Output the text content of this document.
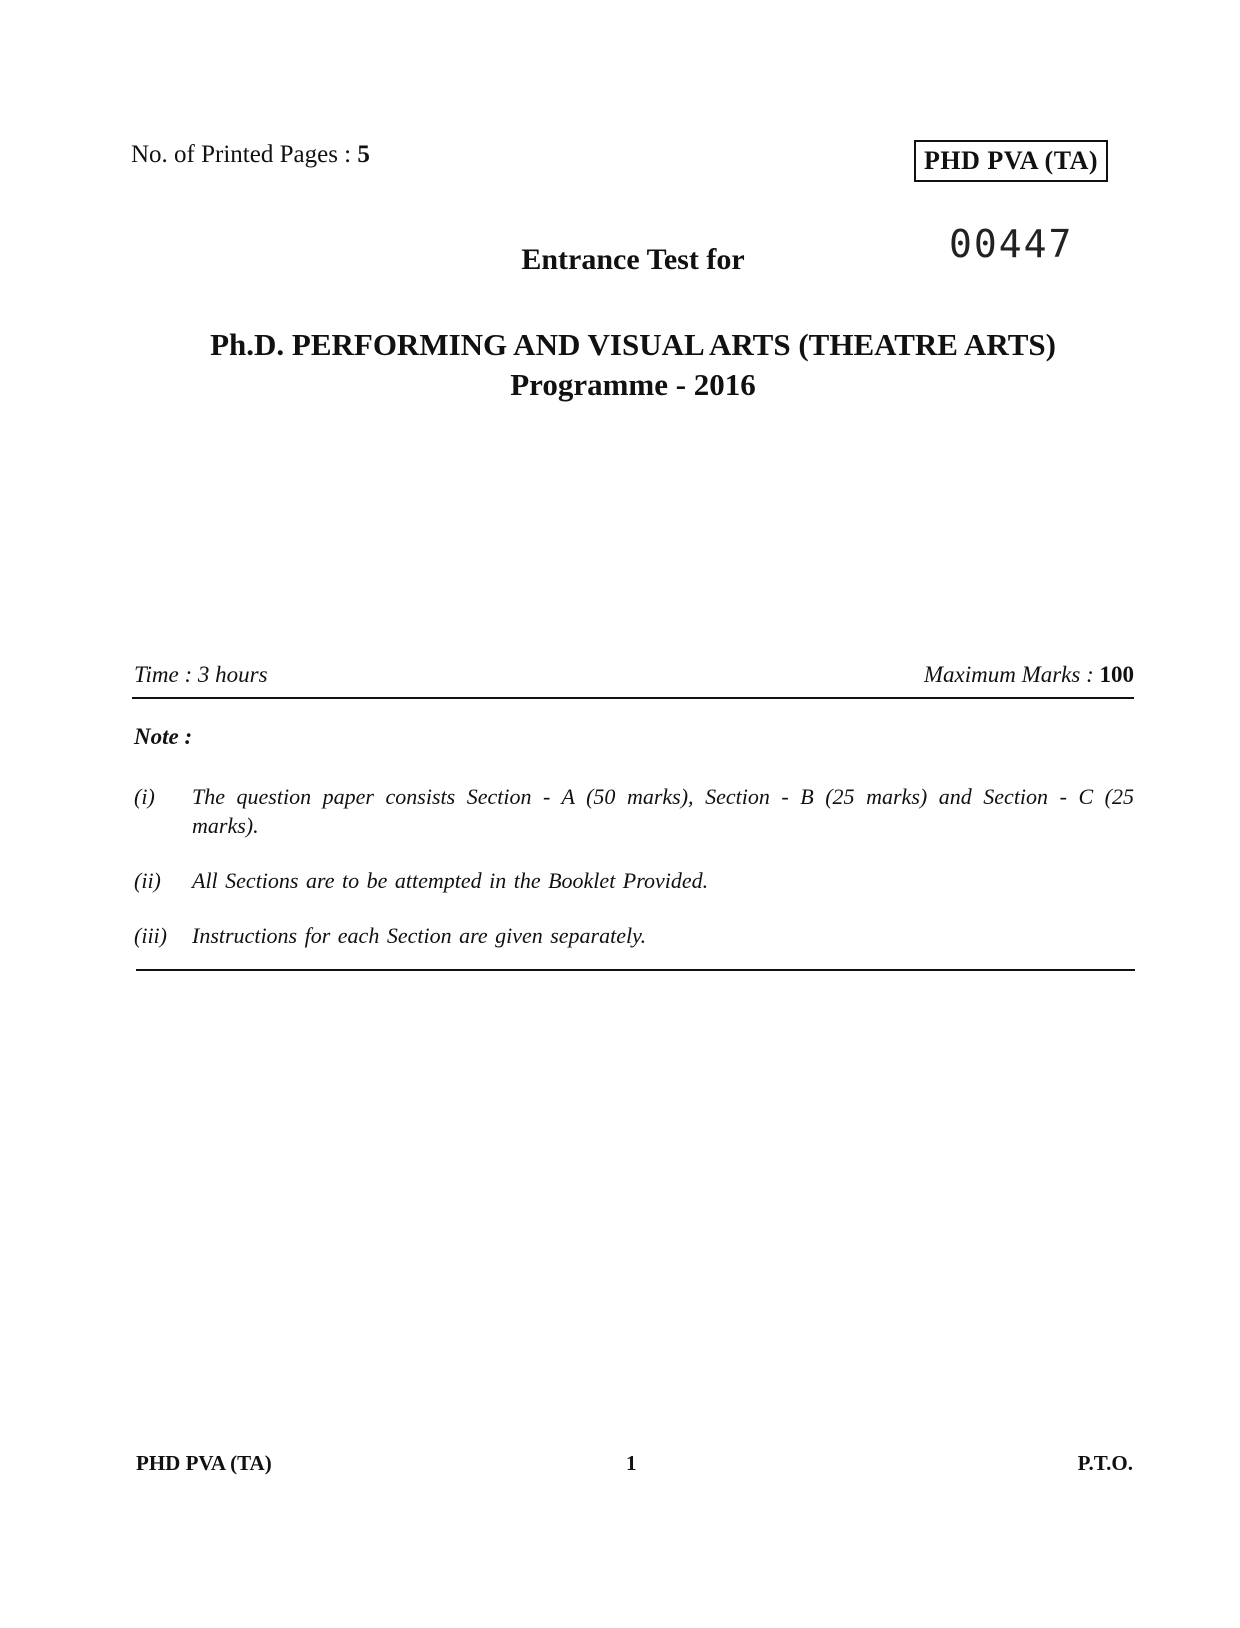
No. of Printed Pages : 5	PHD PVA (TA)
00447
Entrance Test for
Ph.D. PERFORMING AND VISUAL ARTS (THEATRE ARTS)
Programme - 2016
Time : 3 hours	Maximum Marks : 100
Note :
(i)	The question paper consists Section - A (50 marks), Section - B (25 marks) and Section - C (25 marks).
(ii)	All Sections are to be attempted in the Booklet Provided.
(iii)	Instructions for each Section are given separately.
PHD PVA (TA)	1	P.T.O.
